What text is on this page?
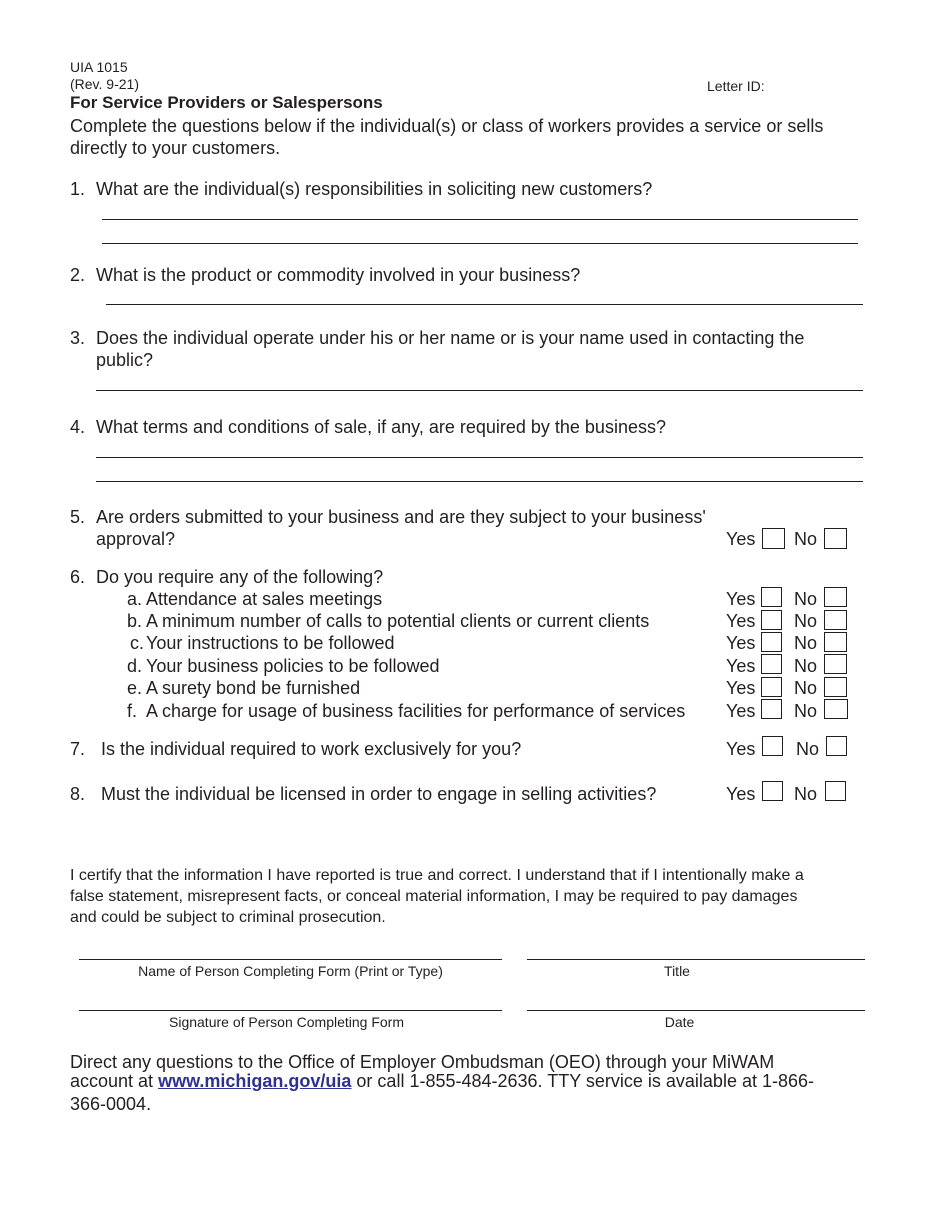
UIA 1015
(Rev. 9-21)	Letter ID:
For Service Providers or Salespersons
Complete the questions below if the individual(s) or class of workers provides a service or sells
directly to your customers.
1. What are the individual(s) responsibilities in soliciting new customers?
2. What is the product or commodity involved in your business?
3. Does the individual operate under his or her name or is your name used in contacting the
public?
4. What terms and conditions of sale, if any, are required by the business?
5. Are orders submitted to your business and are they subject to your business'
approval?	Yes No
6. Do you require any of the following?
a. Attendance at sales meetings	Yes No
b. A minimum number of calls to potential clients or current clients	Yes No
c. Your instructions to be followed	Yes No
d. Your business policies to be followed	Yes No
e. A surety bond be furnished	Yes No
f. A charge for usage of business facilities for performance of services Yes No
7. Is the individual required to work exclusively for you?	Yes No
8. Must the individual be licensed in order to engage in selling activities?	Yes No
I certify that the information I have reported is true and correct. I understand that if I intentionally make a
false statement, misrepresent facts, or conceal material information, I may be required to pay damages
and could be subject to criminal prosecution.
Name of Person Completing Form (Print or Type)	Title
Signature of Person Completing Form	Date
Direct any questions to the Office of Employer Ombudsman (OEO) through your MiWAM
account at www.michigan.gov/uia or call 1-855-484-2636. TTY service is available at 1-866-
366-0004.
